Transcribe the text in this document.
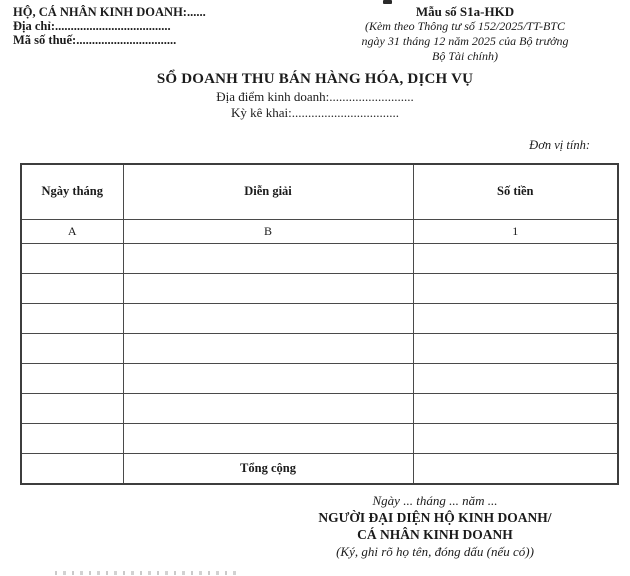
HỘ, CÁ NHÂN KINH DOANH:......
Địa chỉ:.....................................
Mã số thuế:................................
Mẫu số S1a-HKD
(Kèm theo Thông tư số 152/2025/TT-BTC
ngày 31 tháng 12 năm 2025 của Bộ trưởng
Bộ Tài chính)
SỔ DOANH THU BÁN HÀNG HÓA, DỊCH VỤ
Địa điểm kinh doanh:..........................
Kỳ kê khai:.................................
Đơn vị tính:
Ngày tháng	Diễn giải	Số tiền
A	B	1

	Tổng cộng	
Ngày ... tháng ... năm ...
NGƯỜI ĐẠI DIỆN HỘ KINH DOANH/
CÁ NHÂN KINH DOANH
(Ký, ghi rõ họ tên, đóng dấu (nếu có))
